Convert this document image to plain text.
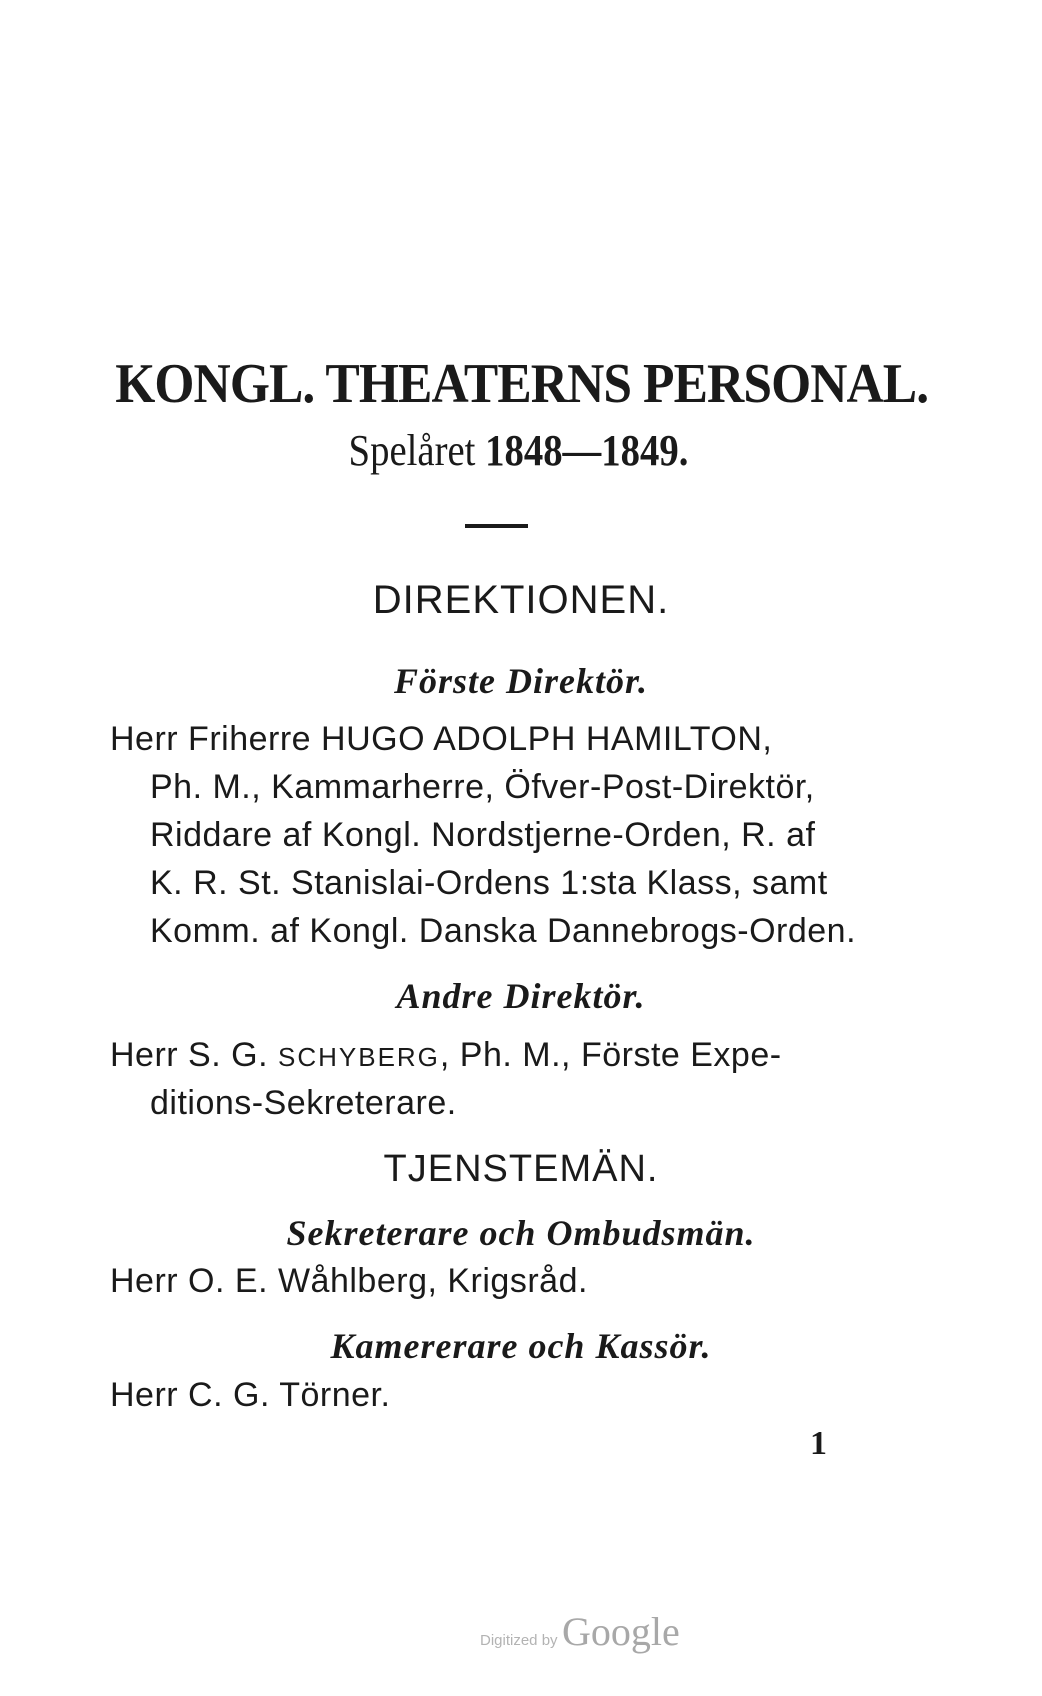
KONGL. THEATERNS PERSONAL.
Spelåret 1848—1849.
DIREKTIONEN.
Förste Direktör.
Herr Friherre HUGO ADOLPH HAMILTON,
Ph. M., Kammarherre, Öfver-Post-Direktör,
Riddare af Kongl. Nordstjerne-Orden, R. af
K. R. St. Stanislai-Ordens 1:sta Klass, samt
Komm. af Kongl. Danska Dannebrogs-Orden.
Andre Direktör.
Herr S. G. SCHYBERG, Ph. M., Förste Expe-
ditions-Sekreterare.
TJENSTEMÄN.
Sekreterare och Ombudsmän.
Herr O. E. Wåhlberg, Krigsråd.
Kamererare och Kassör.
Herr C. G. Törner.
1
Digitized by Google
